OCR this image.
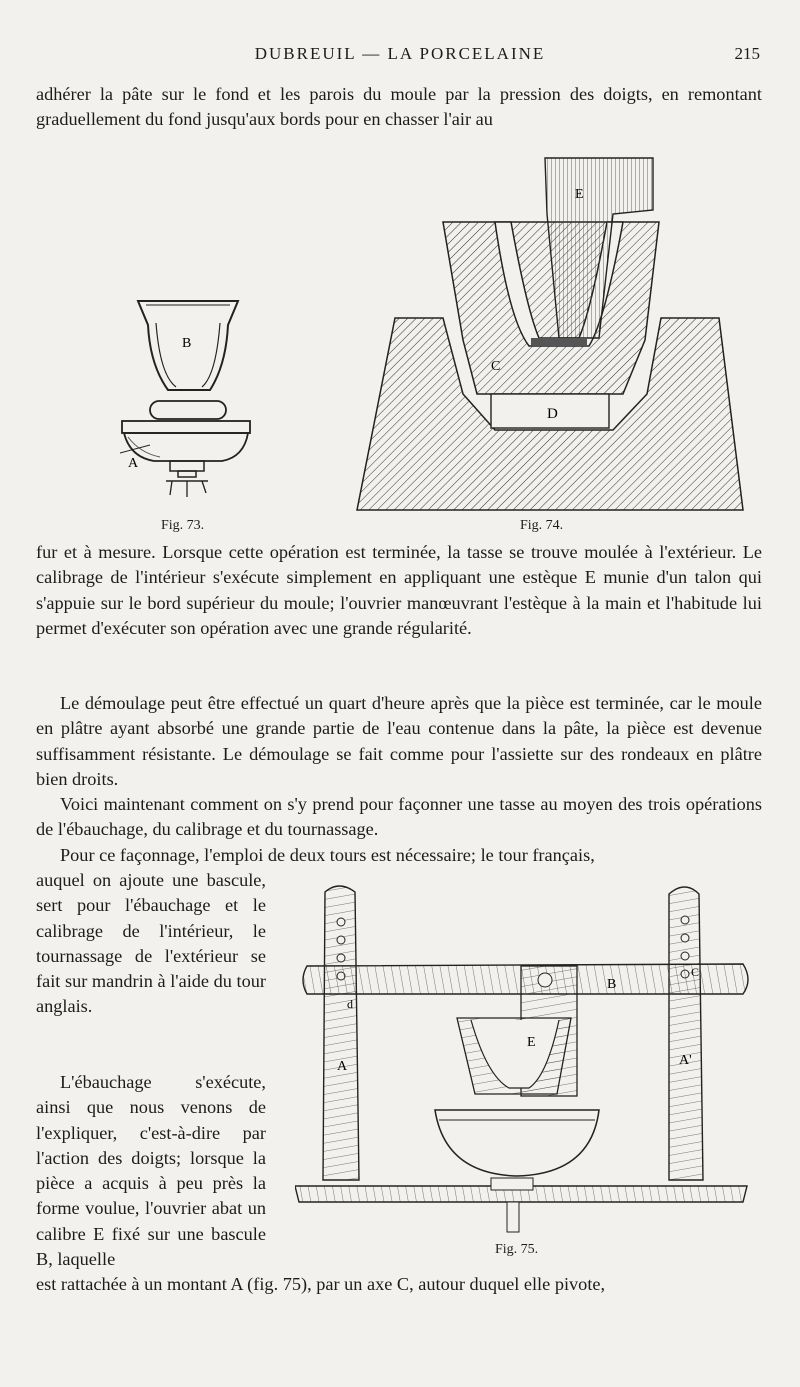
DUBREUIL — LA PORCELAINE	215

adhérer la pâte sur le fond et les parois du moule par la pression des doigts, en remontant graduellement du fond jusqu'aux bords pour en chasser l'air au

B
A
Fig. 73.
E
C
D
Fig. 74.

fur et à mesure. Lorsque cette opération est terminée, la tasse se trouve moulée à l'extérieur. Le calibrage de l'intérieur s'exécute simplement en appliquant une estèque E munie d'un talon qui s'appuie sur le bord supérieur du moule; l'ouvrier manœuvrant l'estèque à la main et l'habitude lui permet d'exécuter son opération avec une grande régularité.

Le démoulage peut être effectué un quart d'heure après que la pièce est terminée, car le moule en plâtre ayant absorbé une grande partie de l'eau contenue dans la pâte, la pièce est devenue suffisamment résistante. Le démoulage se fait comme pour l'assiette sur des rondeaux en plâtre bien droits.

Voici maintenant comment on s'y prend pour façonner une tasse au moyen des trois opérations de l'ébauchage, du calibrage et du tournassage.

Pour ce façonnage, l'emploi de deux tours est nécessaire; le tour français,

auquel on ajoute une bascule, sert pour l'ébauchage et le calibrage de l'intérieur, le tournassage de l'extérieur se fait sur mandrin à l'aide du tour anglais.

L'ébauchage s'exécute, ainsi que nous venons de l'expliquer, c'est-à-dire par l'action des doigts; lorsque la pièce a acquis à peu près la forme voulue, l'ouvrier abat un calibre E fixé sur une bascule B, laquelle

B
E
A	A'
C
d
Fig. 75.

est rattachée à un montant A (fig. 75), par un axe C, autour duquel elle pivote,
